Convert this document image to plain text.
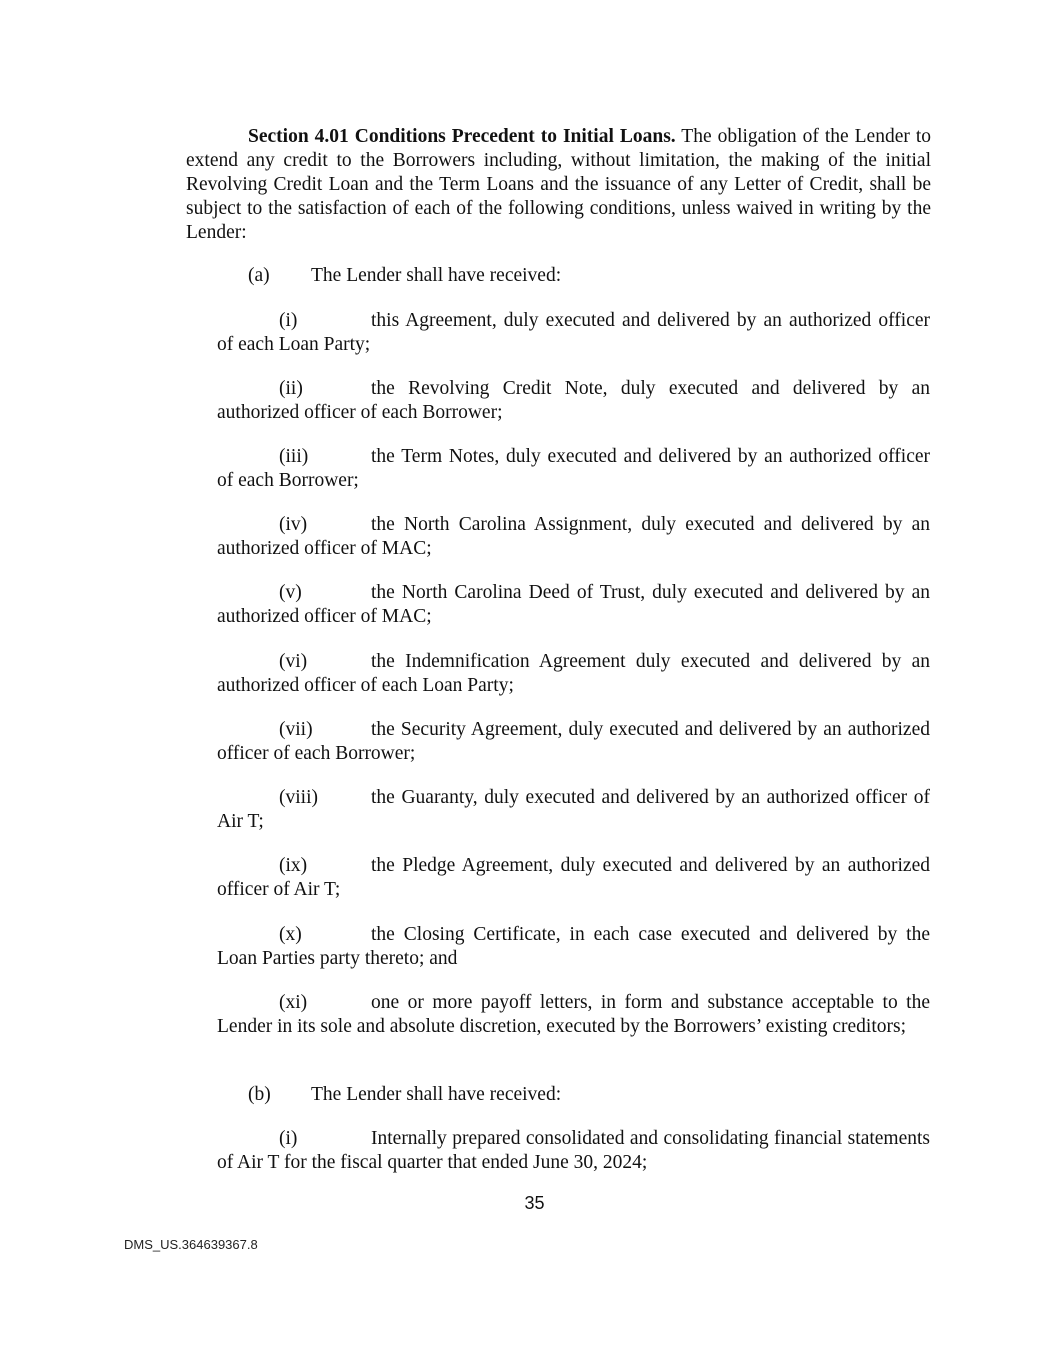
Section 4.01 Conditions Precedent to Initial Loans. The obligation of the Lender to extend any credit to the Borrowers including, without limitation, the making of the initial Revolving Credit Loan and the Term Loans and the issuance of any Letter of Credit, shall be subject to the satisfaction of each of the following conditions, unless waived in writing by the Lender:

(a) The Lender shall have received:

(i)	this Agreement, duly executed and delivered by an authorized officer of each Loan Party;

(ii)	the Revolving Credit Note, duly executed and delivered by an authorized officer of each Borrower;

(iii)	the Term Notes, duly executed and delivered by an authorized officer of each Borrower;

(iv)	the North Carolina Assignment, duly executed and delivered by an authorized officer of MAC;

(v)	the North Carolina Deed of Trust, duly executed and delivered by an authorized officer of MAC;

(vi)	the Indemnification Agreement duly executed and delivered by an authorized officer of each Loan Party;

(vii)	the Security Agreement, duly executed and delivered by an authorized officer of each Borrower;

(viii)	the Guaranty, duly executed and delivered by an authorized officer of Air T;

(ix)	the Pledge Agreement, duly executed and delivered by an authorized officer of Air T;

(x)	the Closing Certificate, in each case executed and delivered by the Loan Parties party thereto; and

(xi)	one or more payoff letters, in form and substance acceptable to the Lender in its sole and absolute discretion, executed by the Borrowers’ existing creditors;

(b) The Lender shall have received:

(i)	Internally prepared consolidated and consolidating financial statements of Air T for the fiscal quarter that ended June 30, 2024;

35
DMS_US.364639367.8
